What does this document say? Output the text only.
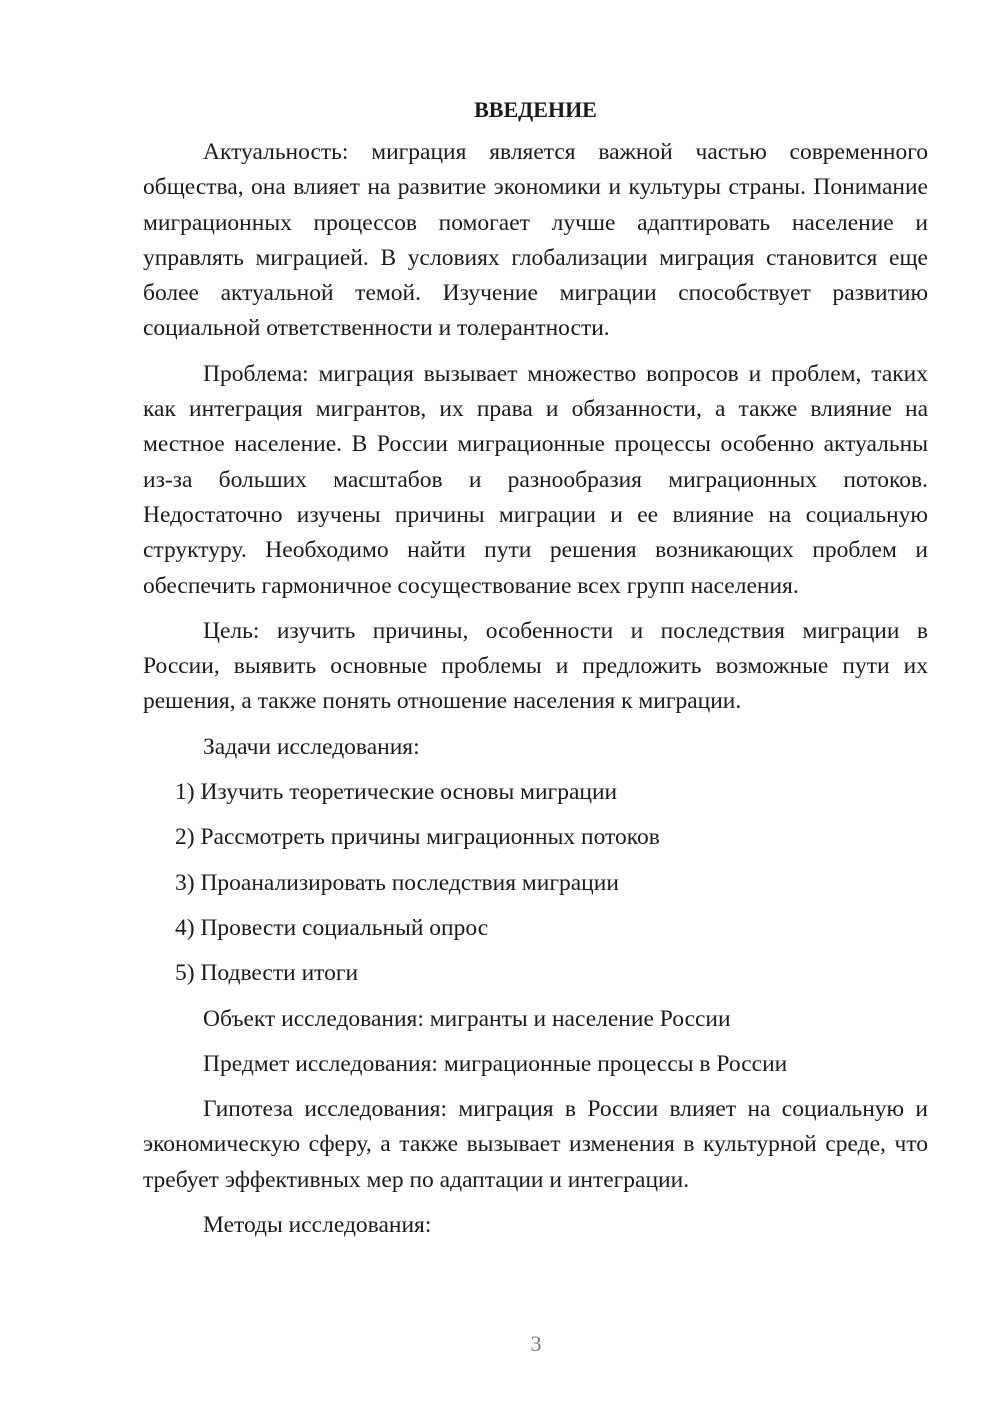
ВВЕДЕНИЕ

Актуальность: миграция является важной частью современного общества, она влияет на развитие экономики и культуры страны. Понимание миграционных процессов помогает лучше адаптировать население и управлять миграцией. В условиях глобализации миграция становится еще более актуальной темой. Изучение миграции способствует развитию социальной ответственности и толерантности.

Проблема: миграция вызывает множество вопросов и проблем, таких как интеграция мигрантов, их права и обязанности, а также влияние на местное население. В России миграционные процессы особенно актуальны из-за больших масштабов и разнообразия миграционных потоков. Недостаточно изучены причины миграции и ее влияние на социальную структуру. Необходимо найти пути решения возникающих проблем и обеспечить гармоничное сосуществование всех групп населения.

Цель: изучить причины, особенности и последствия миграции в России, выявить основные проблемы и предложить возможные пути их решения, а также понять отношение населения к миграции.

Задачи исследования:

1) Изучить теоретические основы миграции

2) Рассмотреть причины миграционных потоков

3) Проанализировать последствия миграции

4) Провести социальный опрос

5) Подвести итоги

Объект исследования: мигранты и население России

Предмет исследования: миграционные процессы в России

Гипотеза исследования: миграция в России влияет на социальную и экономическую сферу, а также вызывает изменения в культурной среде, что требует эффективных мер по адаптации и интеграции.

Методы исследования:

3
